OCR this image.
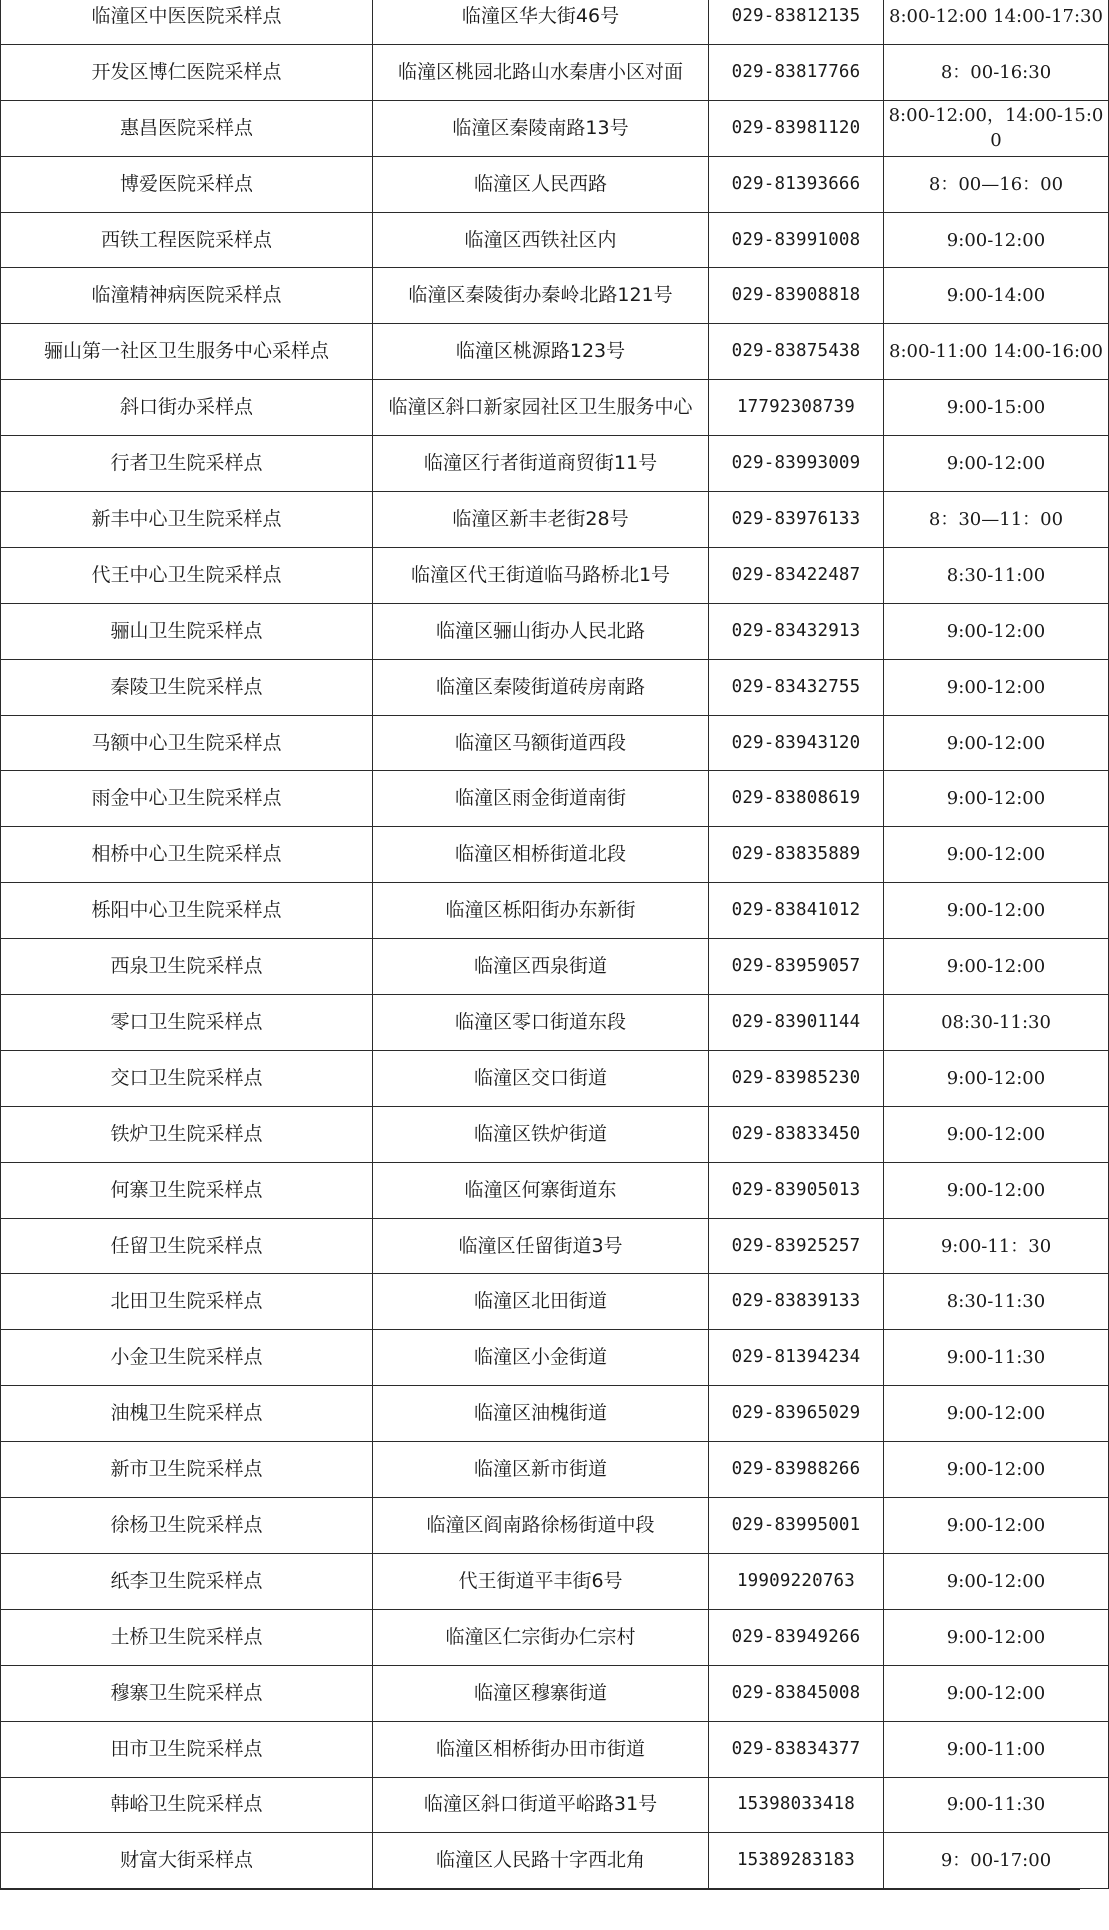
临潼区中医医院采样点	临潼区华大街46号	029-83812135	8:00-12:00 14:00-17:30
开发区博仁医院采样点	临潼区桃园北路山水秦唐小区对面	029-83817766	8：00-16:30
惠昌医院采样点	临潼区秦陵南路13号	029-83981120	8:00-12:00，14:00-15:00
博爱医院采样点	临潼区人民西路	029-81393666	8：00—16：00
西铁工程医院采样点	临潼区西铁社区内	029-83991008	9:00-12:00
临潼精神病医院采样点	临潼区秦陵街办秦岭北路121号	029-83908818	9:00-14:00
骊山第一社区卫生服务中心采样点	临潼区桃源路123号	029-83875438	8:00-11:00 14:00-16:00
斜口街办采样点	临潼区斜口新家园社区卫生服务中心	17792308739	9:00-15:00
行者卫生院采样点	临潼区行者街道商贸街11号	029-83993009	9:00-12:00
新丰中心卫生院采样点	临潼区新丰老街28号	029-83976133	8：30—11：00
代王中心卫生院采样点	临潼区代王街道临马路桥北1号	029-83422487	8:30-11:00
骊山卫生院采样点	临潼区骊山街办人民北路	029-83432913	9:00-12:00
秦陵卫生院采样点	临潼区秦陵街道砖房南路	029-83432755	9:00-12:00
马额中心卫生院采样点	临潼区马额街道西段	029-83943120	9:00-12:00
雨金中心卫生院采样点	临潼区雨金街道南街	029-83808619	9:00-12:00
相桥中心卫生院采样点	临潼区相桥街道北段	029-83835889	9:00-12:00
栎阳中心卫生院采样点	临潼区栎阳街办东新街	029-83841012	9:00-12:00
西泉卫生院采样点	临潼区西泉街道	029-83959057	9:00-12:00
零口卫生院采样点	临潼区零口街道东段	029-83901144	08:30-11:30
交口卫生院采样点	临潼区交口街道	029-83985230	9:00-12:00
铁炉卫生院采样点	临潼区铁炉街道	029-83833450	9:00-12:00
何寨卫生院采样点	临潼区何寨街道东	029-83905013	9:00-12:00
任留卫生院采样点	临潼区任留街道3号	029-83925257	9:00-11：30
北田卫生院采样点	临潼区北田街道	029-83839133	8:30-11:30
小金卫生院采样点	临潼区小金街道	029-81394234	9:00-11:30
油槐卫生院采样点	临潼区油槐街道	029-83965029	9:00-12:00
新市卫生院采样点	临潼区新市街道	029-83988266	9:00-12:00
徐杨卫生院采样点	临潼区阎南路徐杨街道中段	029-83995001	9:00-12:00
纸李卫生院采样点	代王街道平丰街6号	19909220763	9:00-12:00
土桥卫生院采样点	临潼区仁宗街办仁宗村	029-83949266	9:00-12:00
穆寨卫生院采样点	临潼区穆寨街道	029-83845008	9:00-12:00
田市卫生院采样点	临潼区相桥街办田市街道	029-83834377	9:00-11:00
韩峪卫生院采样点	临潼区斜口街道平峪路31号	15398033418	9:00-11:30
财富大街采样点	临潼区人民路十字西北角	15389283183	9：00-17:00
